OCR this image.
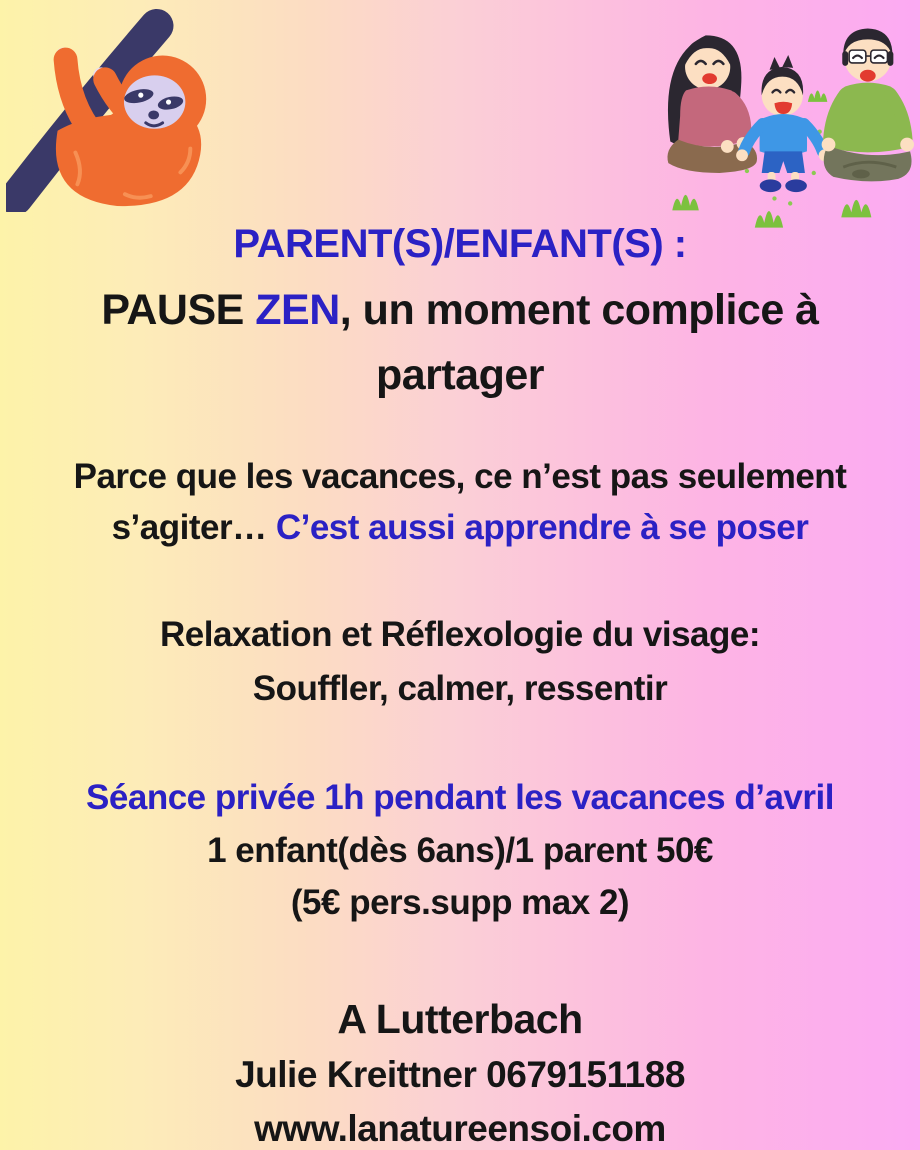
PARENT(S)/ENFANT(S) :
PAUSE ZEN, un moment complice à
partager
Parce que les vacances, ce n’est pas seulement
s’agiter… C’est aussi apprendre à se poser
Relaxation et Réflexologie du visage:
Souffler, calmer, ressentir
Séance privée 1h pendant les vacances d’avril
1 enfant(dès 6ans)/1 parent 50€
(5€ pers.supp max 2)
A Lutterbach
Julie Kreittner 0679151188
www.lanatureensoi.com
